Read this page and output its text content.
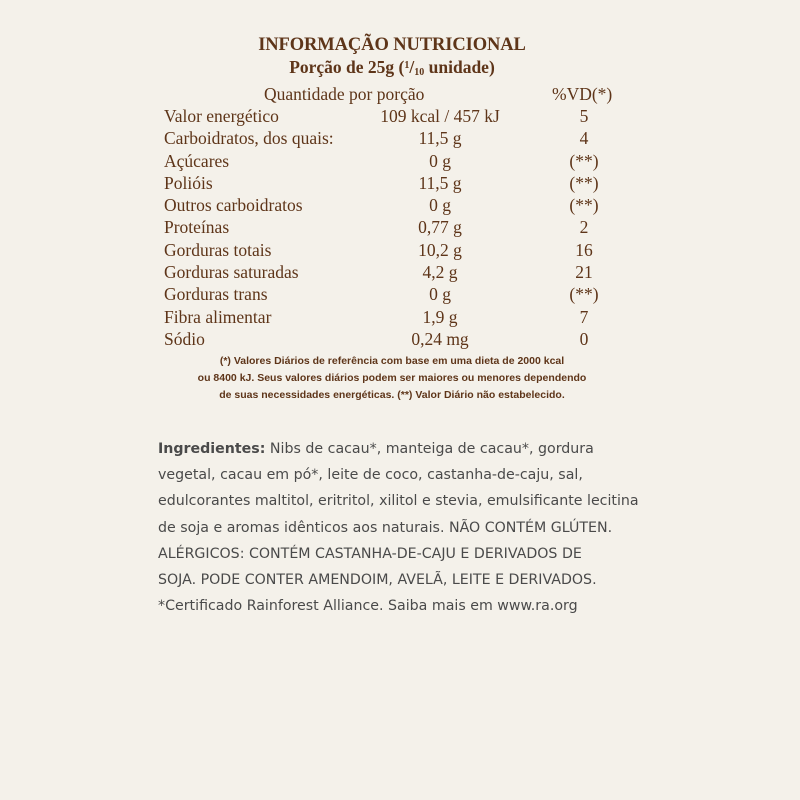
INFORMAÇÃO NUTRICIONAL
Porção de 25g ($^1/_{10}$ unidade)
Quantidade por porção	%VD(*)
Valor energético	109 kcal / 457 kJ	5
Carboidratos, dos quais:	11,5 g	4
Açúcares	0 g	(**)
Polióis	11,5 g	(**)
Outros carboidratos	0 g	(**)
Proteínas	0,77 g	2
Gorduras totais	10,2 g	16
Gorduras saturadas	4,2 g	21
Gorduras trans	0 g	(**)
Fibra alimentar	1,9 g	7
Sódio	0,24 mg	0
(*) Valores Diários de referência com base em uma dieta de 2000 kcal
ou 8400 kJ. Seus valores diários podem ser maiores ou menores dependendo
de suas necessidades energéticas. (**) Valor Diário não estabelecido.
Ingredientes: Nibs de cacau*, manteiga de cacau*, gordura
vegetal, cacau em pó*, leite de coco, castanha-de-caju, sal,
edulcorantes maltitol, eritritol, xilitol e stevia, emulsificante lecitina
de soja e aromas idênticos aos naturais. NÃO CONTÉM GLÚTEN.
ALÉRGICOS: CONTÉM CASTANHA-DE-CAJU E DERIVADOS DE
SOJA. PODE CONTER AMENDOIM, AVELÃ, LEITE E DERIVADOS.
*Certificado Rainforest Alliance. Saiba mais em www.ra.org
